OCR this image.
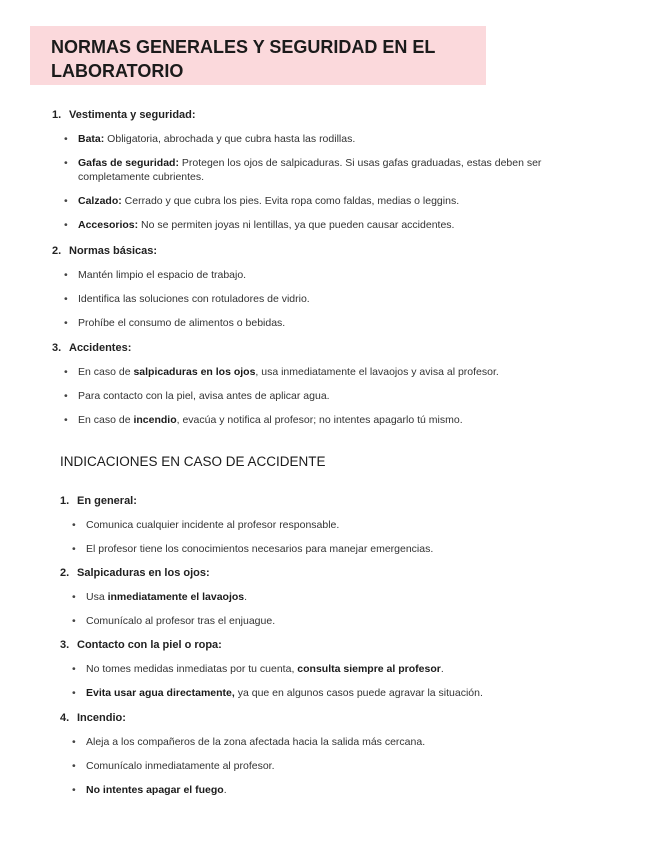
NORMAS GENERALES Y SEGURIDAD EN EL
LABORATORIO
1. Vestimenta y seguridad:
• Bata: Obligatoria, abrochada y que cubra hasta las rodillas.
• Gafas de seguridad: Protegen los ojos de salpicaduras. Si usas gafas graduadas, estas deben ser
completamente cubrientes.
• Calzado: Cerrado y que cubra los pies. Evita ropa como faldas, medias o leggins.
• Accesorios: No se permiten joyas ni lentillas, ya que pueden causar accidentes.
2. Normas básicas:
• Mantén limpio el espacio de trabajo.
• Identifica las soluciones con rotuladores de vidrio.
• Prohíbe el consumo de alimentos o bebidas.
3. Accidentes:
• En caso de salpicaduras en los ojos, usa inmediatamente el lavaojos y avisa al profesor.
• Para contacto con la piel, avisa antes de aplicar agua.
• En caso de incendio, evacúa y notifica al profesor; no intentes apagarlo tú mismo.
INDICACIONES EN CASO DE ACCIDENTE
1. En general:
• Comunica cualquier incidente al profesor responsable.
• El profesor tiene los conocimientos necesarios para manejar emergencias.
2. Salpicaduras en los ojos:
• Usa inmediatamente el lavaojos.
• Comunícalo al profesor tras el enjuague.
3. Contacto con la piel o ropa:
• No tomes medidas inmediatas por tu cuenta, consulta siempre al profesor.
• Evita usar agua directamente, ya que en algunos casos puede agravar la situación.
4. Incendio:
• Aleja a los compañeros de la zona afectada hacia la salida más cercana.
• Comunícalo inmediatamente al profesor.
• No intentes apagar el fuego.
